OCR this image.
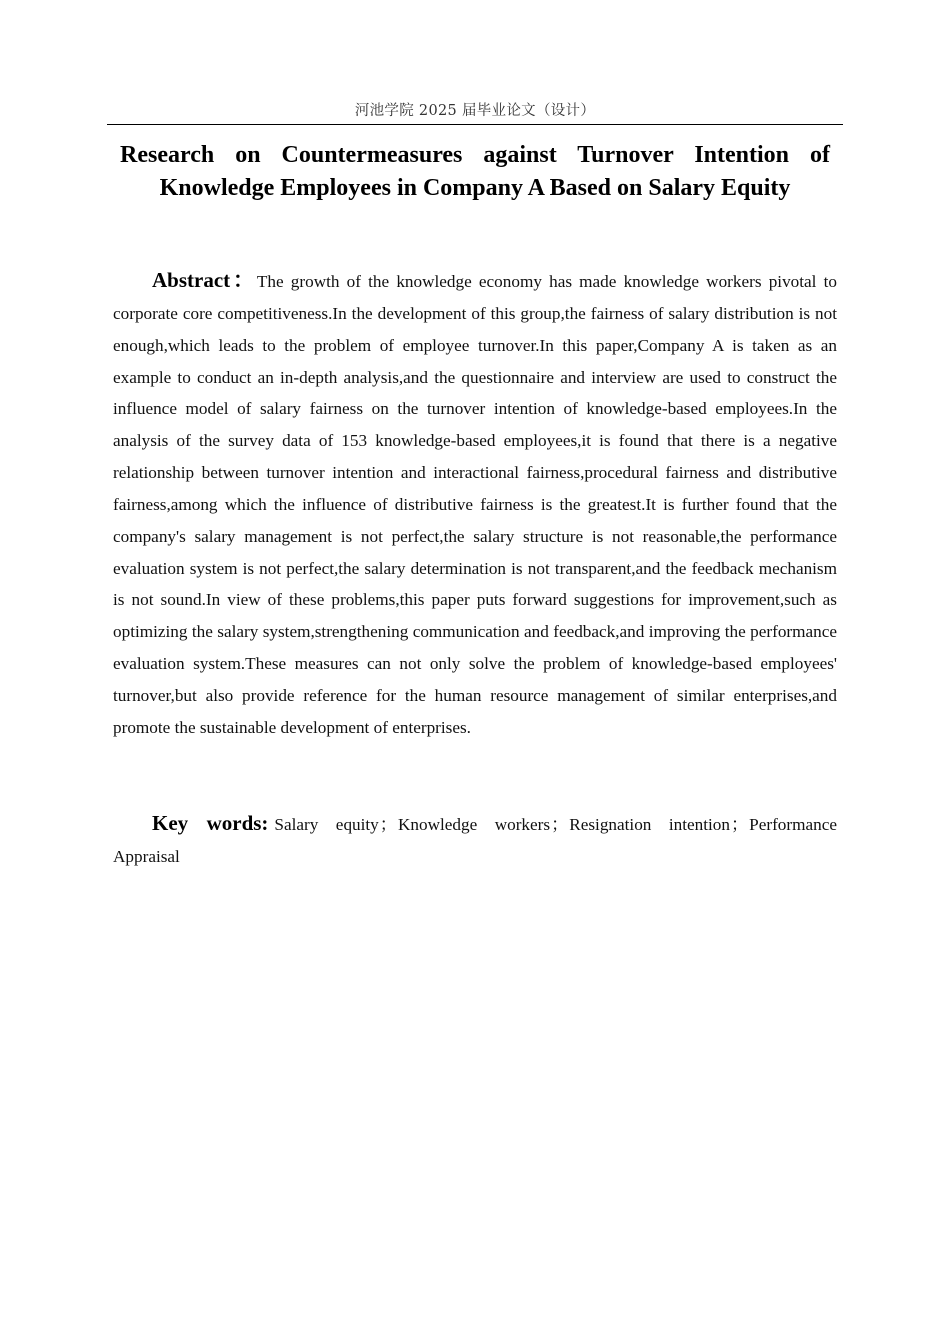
河池学院 2025 届毕业论文（设计）
Research on Countermeasures against Turnover Intention of Knowledge Employees in Company A Based on Salary Equity

Abstract：The growth of the knowledge economy has made knowledge workers pivotal to corporate core competitiveness.In the development of this group,the fairness of salary distribution is not enough,which leads to the problem of employee turnover.In this paper,Company A is taken as an example to conduct an in-depth analysis,and the questionnaire and interview are used to construct the influence model of salary fairness on the turnover intention of knowledge-based employees.In the analysis of the survey data of 153 knowledge-based employees,it is found that there is a negative relationship between turnover intention and interactional fairness,procedural fairness and distributive fairness,among which the influence of distributive fairness is the greatest.It is further found that the company's salary management is not perfect,the salary structure is not reasonable,the performance evaluation system is not perfect,the salary determination is not transparent,and the feedback mechanism is not sound.In view of these problems,this paper puts forward suggestions for improvement,such as optimizing the salary system,strengthening communication and feedback,and improving the performance evaluation system.These measures can not only solve the problem of knowledge-based employees' turnover,but also provide reference for the human resource management of similar enterprises,and promote the sustainable development of enterprises.

Key words: Salary equity；Knowledge workers；Resignation intention；Performance Appraisal
